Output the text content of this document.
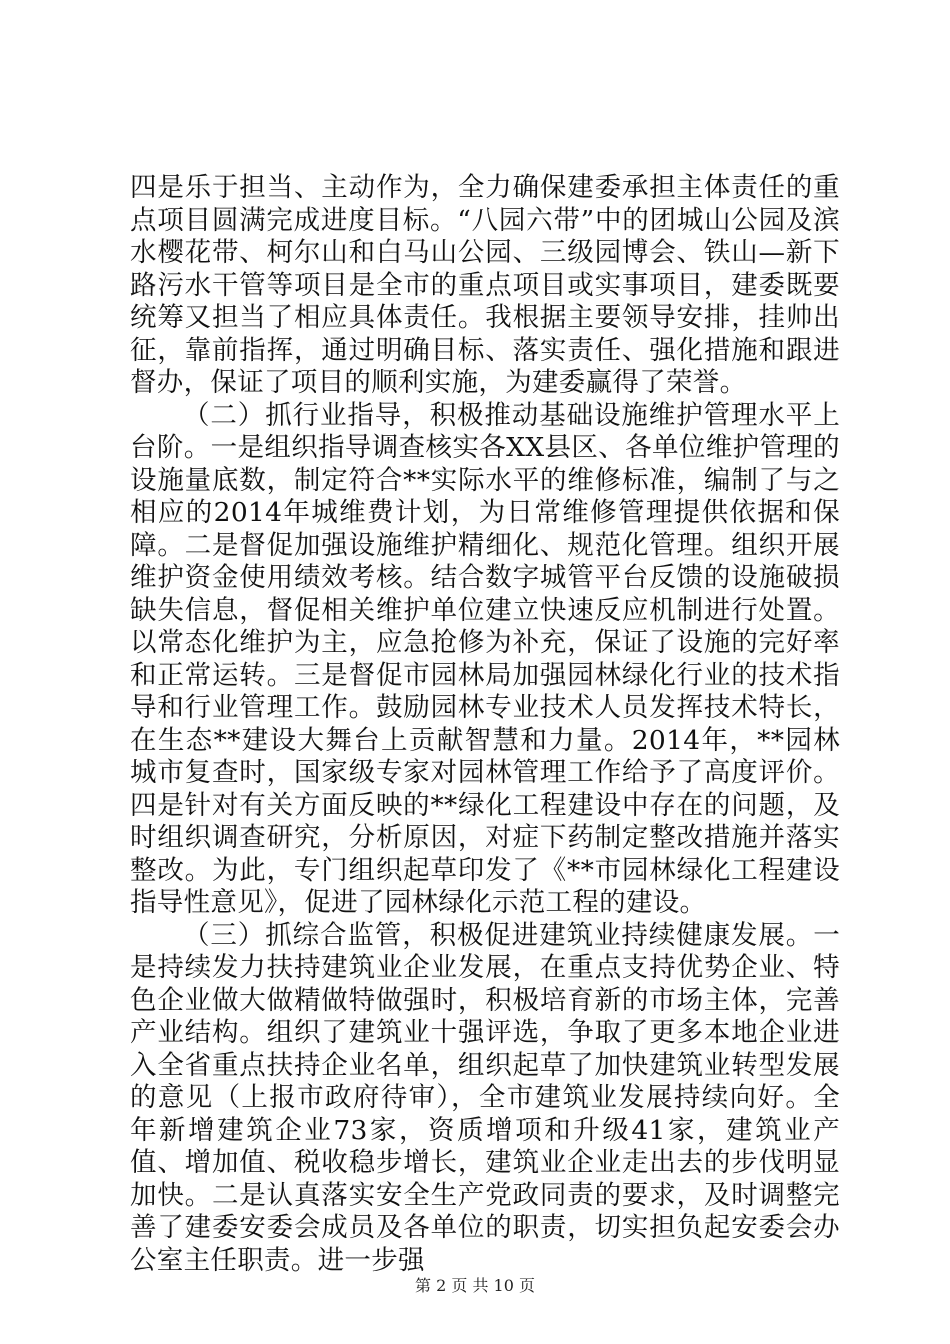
四是乐于担当、主动作为，全力确保建委承担主体责任的重点项目圆满完成进度目标。“八园六带”中的团城山公园及滨水樱花带、柯尔山和白马山公园、三级园博会、铁山—新下路污水干管等项目是全市的重点项目或实事项目，建委既要统筹又担当了相应具体责任。我根据主要领导安排，挂帅出征，靠前指挥，通过明确目标、落实责任、强化措施和跟进督办，保证了项目的顺利实施，为建委赢得了荣誉。

（二）抓行业指导，积极推动基础设施维护管理水平上台阶。一是组织指导调查核实各XX县区、各单位维护管理的设施量底数，制定符合**实际水平的维修标准，编制了与之相应的2014年城维费计划，为日常维修管理提供依据和保障。二是督促加强设施维护精细化、规范化管理。组织开展维护资金使用绩效考核。结合数字城管平台反馈的设施破损缺失信息，督促相关维护单位建立快速反应机制进行处置。以常态化维护为主，应急抢修为补充，保证了设施的完好率和正常运转。三是督促市园林局加强园林绿化行业的技术指导和行业管理工作。鼓励园林专业技术人员发挥技术特长，在生态**建设大舞台上贡献智慧和力量。2014年，**园林城市复查时，国家级专家对园林管理工作给予了高度评价。四是针对有关方面反映的**绿化工程建设中存在的问题，及时组织调查研究，分析原因，对症下药制定整改措施并落实整改。为此，专门组织起草印发了《**市园林绿化工程建设指导性意见》，促进了园林绿化示范工程的建设。

（三）抓综合监管，积极促进建筑业持续健康发展。一是持续发力扶持建筑业企业发展，在重点支持优势企业、特色企业做大做精做特做强时，积极培育新的市场主体，完善产业结构。组织了建筑业十强评选，争取了更多本地企业进入全省重点扶持企业名单，组织起草了加快建筑业转型发展的意见（上报市政府待审），全市建筑业发展持续向好。全年新增建筑企业73家，资质增项和升级41家，建筑业产值、增加值、税收稳步增长，建筑业企业走出去的步伐明显加快。二是认真落实安全生产党政同责的要求，及时调整完善了建委安委会成员及各单位的职责，切实担负起安委会办公室主任职责。进一步强

第 2 页 共 10 页
